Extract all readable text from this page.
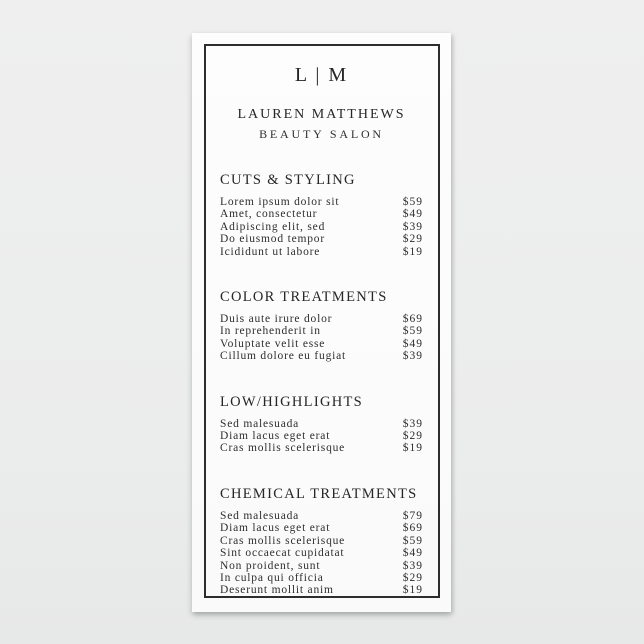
L | M
LAUREN MATTHEWS
BEAUTY SALON
CUTS & STYLING
Lorem ipsum dolor sit	$59
Amet, consectetur	$49
Adipiscing elit, sed	$39
Do eiusmod tempor	$29
Icididunt ut labore	$19
COLOR TREATMENTS
Duis aute irure dolor	$69
In reprehenderit in	$59
Voluptate velit esse	$49
Cillum dolore eu fugiat	$39
LOW/HIGHLIGHTS
Sed malesuada	$39
Diam lacus eget erat	$29
Cras mollis scelerisque	$19
CHEMICAL TREATMENTS
Sed malesuada	$79
Diam lacus eget erat	$69
Cras mollis scelerisque	$59
Sint occaecat cupidatat	$49
Non proident, sunt	$39
In culpa qui officia	$29
Deserunt mollit anim	$19
